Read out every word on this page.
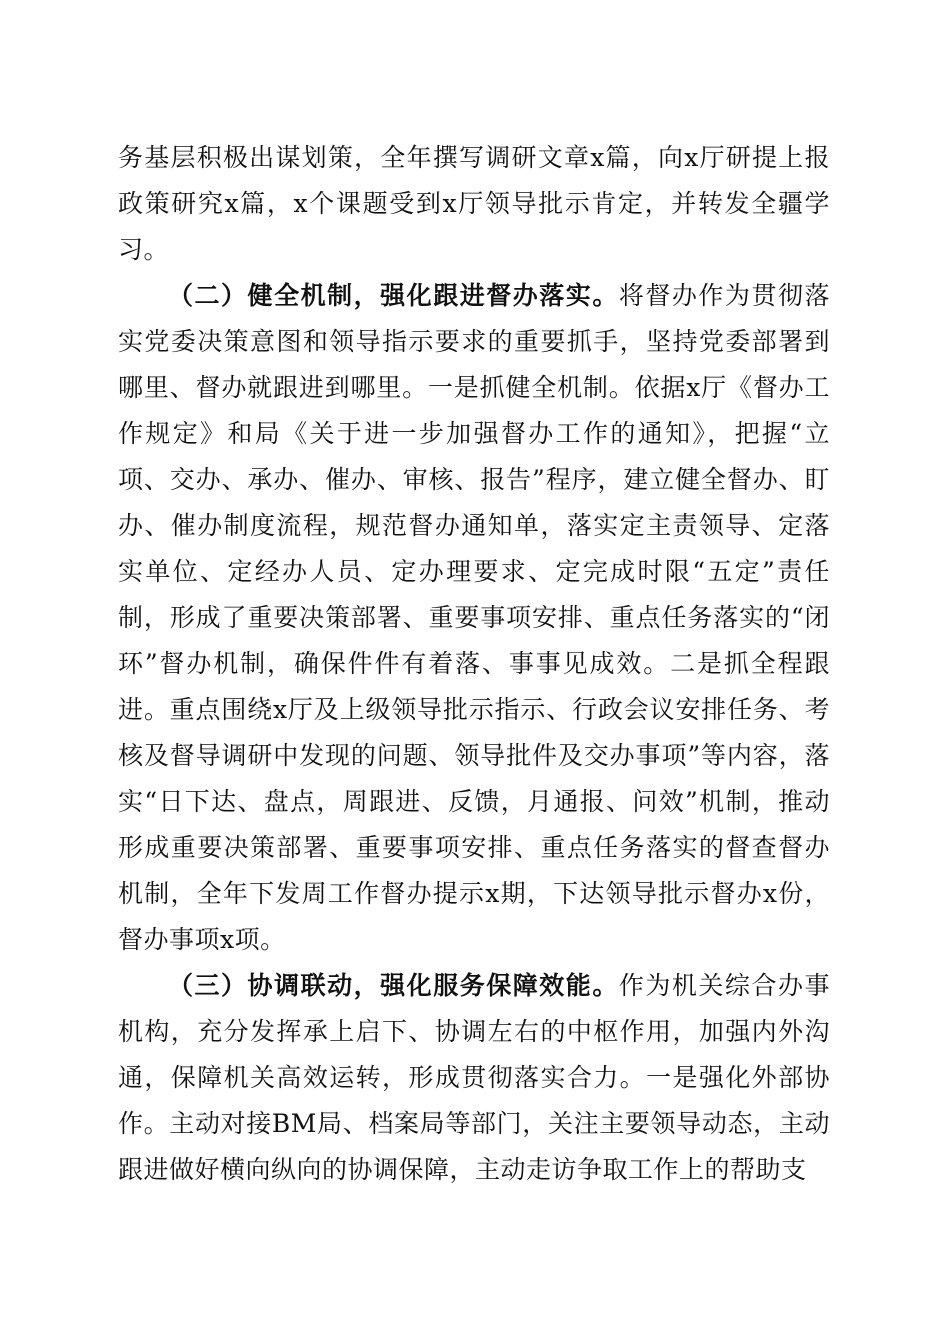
务基层积极出谋划策，全年撰写调研文章x篇，向x厅研提上报政策研究x篇，x个课题受到x厅领导批示肯定，并转发全疆学习。

（二）健全机制，强化跟进督办落实。将督办作为贯彻落实党委决策意图和领导指示要求的重要抓手，坚持党委部署到哪里、督办就跟进到哪里。一是抓健全机制。依据x厅《督办工作规定》和局《关于进一步加强督办工作的通知》，把握“立项、交办、承办、催办、审核、报告”程序，建立健全督办、盯办、催办制度流程，规范督办通知单，落实定主责领导、定落实单位、定经办人员、定办理要求、定完成时限“五定”责任制，形成了重要决策部署、重要事项安排、重点任务落实的“闭环”督办机制，确保件件有着落、事事见成效。二是抓全程跟进。重点围绕x厅及上级领导批示指示、行政会议安排任务、考核及督导调研中发现的问题、领导批件及交办事项”等内容，落实“日下达、盘点，周跟进、反馈，月通报、问效”机制，推动形成重要决策部署、重要事项安排、重点任务落实的督查督办机制，全年下发周工作督办提示x期，下达领导批示督办x份，督办事项x项。

（三）协调联动，强化服务保障效能。作为机关综合办事机构，充分发挥承上启下、协调左右的中枢作用，加强内外沟通，保障机关高效运转，形成贯彻落实合力。一是强化外部协作。主动对接BM局、档案局等部门，关注主要领导动态，主动跟进做好横向纵向的协调保障，主动走访争取工作上的帮助支
